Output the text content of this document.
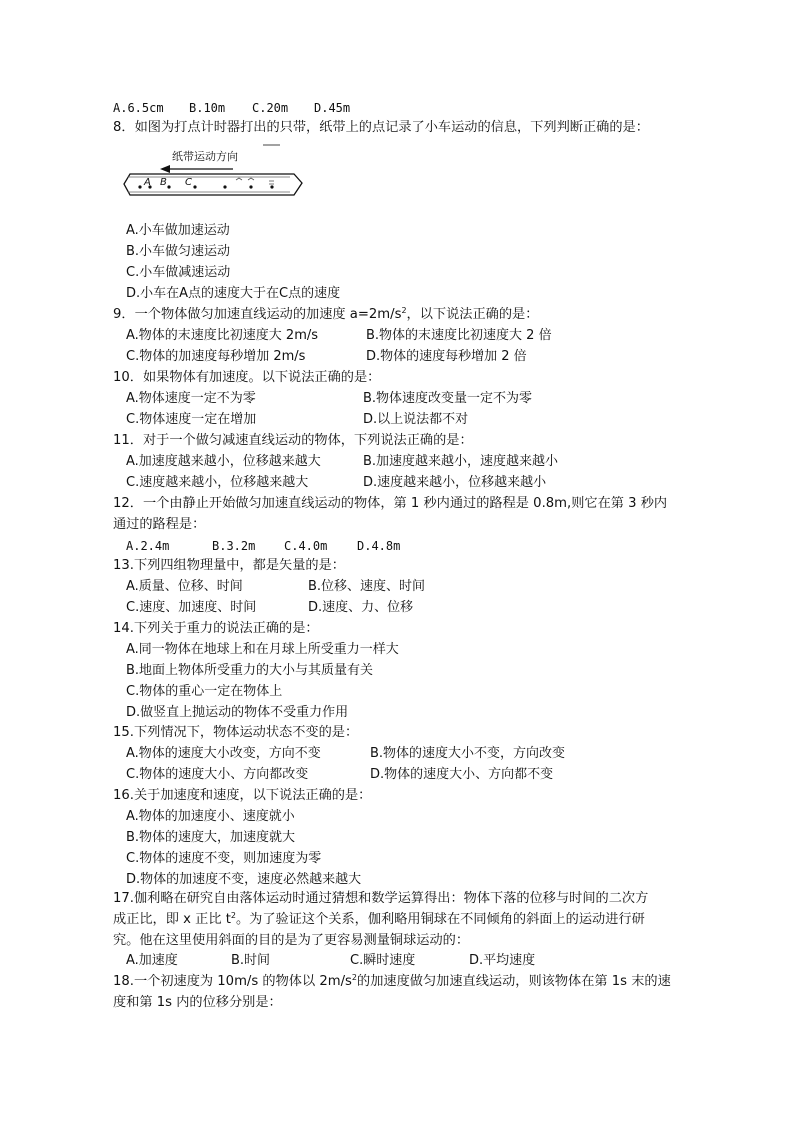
A.6.5cm B.10m C.20m D.45m
8．如图为打点计时器打出的只带，纸带上的点记录了小车运动的信息，下列判断正确的是：
纸带运动方向
A B C
A.小车做加速运动
B.小车做匀速运动
C.小车做减速运动
D.小车在A点的速度大于在C点的速度
9．一个物体做匀加速直线运动的加速度 $a=2m/s^2$，以下说法正确的是：
A.物体的末速度比初速度大 2m/s	B.物体的末速度比初速度大 2 倍
C.物体的加速度每秒增加 2m/s	D.物体的速度每秒增加 2 倍
10．如果物体有加速度。以下说法正确的是：
A.物体速度一定不为零	B.物体速度改变量一定不为零
C.物体速度一定在增加	D.以上说法都不对
11．对于一个做匀减速直线运动的物体，下列说法正确的是：
A.加速度越来越小，位移越来越大	B.加速度越来越小，速度越来越小
C.速度越来越小，位移越来越大	D.速度越来越小，位移越来越小
12．一个由静止开始做匀加速直线运动的物体，第 1 秒内通过的路程是 0.8m,则它在第 3 秒内
通过的路程是：
A.2.4m	B.3.2m C.4.0m D.4.8m
13.下列四组物理量中，都是矢量的是：
A.质量、位移、时间	B.位移、速度、时间
C.速度、加速度、时间	D.速度、力、位移
14.下列关于重力的说法正确的是：
A.同一物体在地球上和在月球上所受重力一样大
B.地面上物体所受重力的大小与其质量有关
C.物体的重心一定在物体上
D.做竖直上抛运动的物体不受重力作用
15.下列情况下，物体运动状态不变的是：
A.物体的速度大小改变，方向不变	B.物体的速度大小不变，方向改变
C.物体的速度大小、方向都改变	D.物体的速度大小、方向都不变
16.关于加速度和速度，以下说法正确的是：
A.物体的加速度小、速度就小
B.物体的速度大，加速度就大
C.物体的速度不变，则加速度为零
D.物体的加速度不变，速度必然越来越大
17.伽利略在研究自由落体运动时通过猜想和数学运算得出：物体下落的位移与时间的二次方
成正比，即 x 正比 $t^2$。为了验证这个关系，伽利略用铜球在不同倾角的斜面上的运动进行研
究。他在这里使用斜面的目的是为了更容易测量铜球运动的：
A.加速度	B.时间	C.瞬时速度	D.平均速度
18.一个初速度为 10m/s 的物体以 $2m/s^2$的加速度做匀加速直线运动，则该物体在第 1s 末的速
度和第 1s 内的位移分别是：
